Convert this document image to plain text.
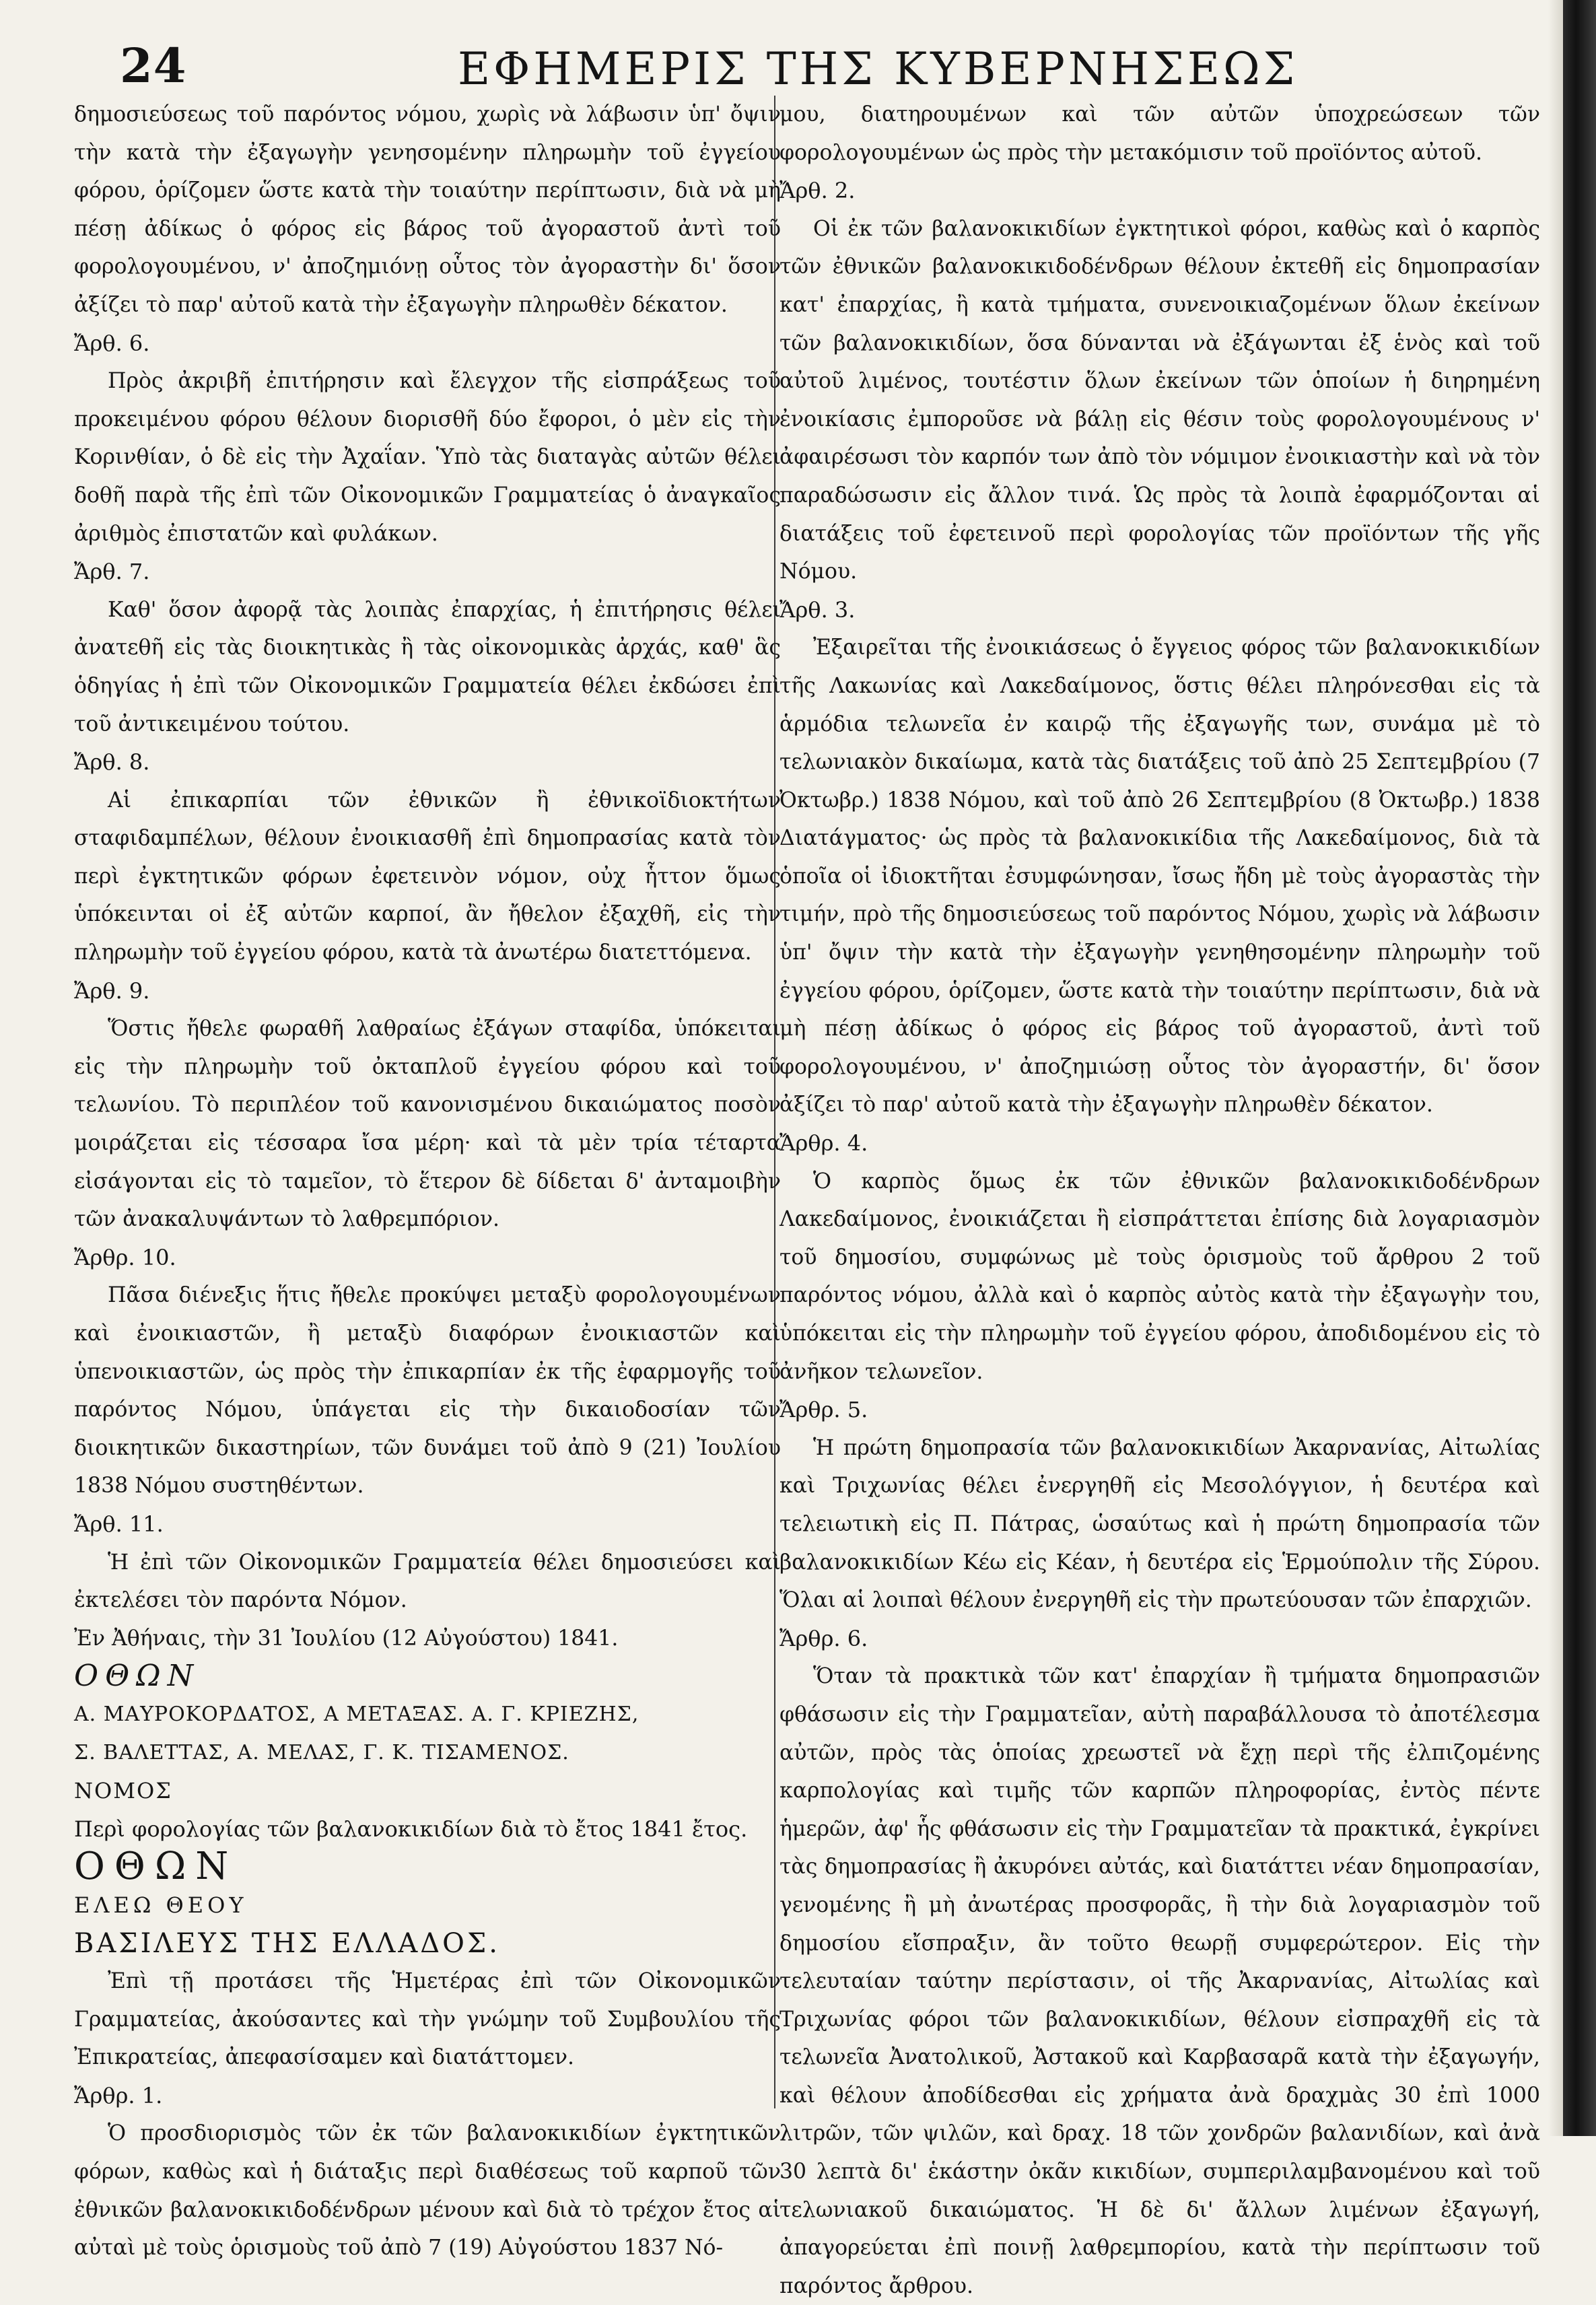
24	ΕΦΗΜΕΡΙΣ ΤΗΣ ΚΥΒΕΡΝΗΣΕΩΣ

δημοσιεύσεως τοῦ παρόντος νόμου, χωρὶς νὰ λάβωσιν ὑπ' ὄψιν τὴν κατὰ τὴν ἐξαγωγὴν γενησομένην πληρωμὴν τοῦ ἐγγείου φόρου, ὁρίζομεν ὥστε κατὰ τὴν τοιαύτην περίπτωσιν, διὰ νὰ μὴ πέσῃ ἀδίκως ὁ φόρος εἰς βάρος τοῦ ἀγοραστοῦ ἀντὶ τοῦ φορολογουμένου, ν' ἀποζημιόνῃ οὗτος τὸν ἀγοραστὴν δι' ὅσον ἀξίζει τὸ παρ' αὐτοῦ κατὰ τὴν ἐξαγωγὴν πληρωθὲν δέκατον.

Ἄρθ. 6.

Πρὸς ἀκριβῆ ἐπιτήρησιν καὶ ἔλεγχον τῆς εἰσπράξεως τοῦ προκειμένου φόρου θέλουν διορισθῆ δύο ἔφοροι, ὁ μὲν εἰς τὴν Κορινθίαν, ὁ δὲ εἰς τὴν Ἀχαΐαν. Ὑπὸ τὰς διαταγὰς αὐτῶν θέλει δοθῆ παρὰ τῆς ἐπὶ τῶν Οἰκονομικῶν Γραμματείας ὁ ἀναγκαῖος ἀριθμὸς ἐπιστατῶν καὶ φυλάκων.

Ἄρθ. 7.

Καθ' ὅσον ἀφορᾷ τὰς λοιπὰς ἐπαρχίας, ἡ ἐπιτήρησις θέλει ἀνατεθῆ εἰς τὰς διοικητικὰς ἢ τὰς οἰκονομικὰς ἀρχάς, καθ' ἃς ὁδηγίας ἡ ἐπὶ τῶν Οἰκονομικῶν Γραμματεία θέλει ἐκδώσει ἐπὶ τοῦ ἀντικειμένου τούτου.

Ἄρθ. 8.

Αἱ ἐπικαρπίαι τῶν ἐθνικῶν ἢ ἐθνικοϊδιοκτήτων σταφιδαμπέλων, θέλουν ἐνοικιασθῆ ἐπὶ δημοπρασίας κατὰ τὸν περὶ ἐγκτητικῶν φόρων ἐφετεινὸν νόμον, οὐχ ἧττον ὅμως ὑπόκεινται οἱ ἐξ αὐτῶν καρποί, ἂν ἤθελον ἐξαχθῆ, εἰς τὴν πληρωμὴν τοῦ ἐγγείου φόρου, κατὰ τὰ ἀνωτέρω διατεττόμενα.

Ἄρθ. 9.

Ὅστις ἤθελε φωραθῆ λαθραίως ἐξάγων σταφίδα, ὑπόκειται εἰς τὴν πληρωμὴν τοῦ ὀκταπλοῦ ἐγγείου φόρου καὶ τοῦ τελωνίου. Τὸ περιπλέον τοῦ κανονισμένου δικαιώματος ποσὸν μοιράζεται εἰς τέσσαρα ἴσα μέρη· καὶ τὰ μὲν τρία τέταρτα εἰσάγονται εἰς τὸ ταμεῖον, τὸ ἕτερον δὲ δίδεται δ' ἀνταμοιβὴν τῶν ἀνακαλυψάντων τὸ λαθρεμπόριον.

Ἄρθρ. 10.

Πᾶσα διένεξις ἥτις ἤθελε προκύψει μεταξὺ φορολογουμένων καὶ ἐνοικιαστῶν, ἢ μεταξὺ διαφόρων ἐνοικιαστῶν καὶ ὑπενοικιαστῶν, ὡς πρὸς τὴν ἐπικαρπίαν ἐκ τῆς ἐφαρμογῆς τοῦ παρόντος Νόμου, ὑπάγεται εἰς τὴν δικαιοδοσίαν τῶν διοικητικῶν δικαστηρίων, τῶν δυνάμει τοῦ ἀπὸ 9 (21) Ἰουλίου 1838 Νόμου συστηθέντων.

Ἄρθ. 11.

Ἡ ἐπὶ τῶν Οἰκονομικῶν Γραμματεία θέλει δημοσιεύσει καὶ ἐκτελέσει τὸν παρόντα Νόμον.

Ἐν Ἀθήναις, τὴν 31 Ἰουλίου (12 Αὐγούστου) 1841.

ΟΘΩΝ

Α. ΜΑΥΡΟΚΟΡΔΑΤΟΣ, Α ΜΕΤΑΞΑΣ. Α. Γ. ΚΡΙΕΖΗΣ,

Σ. ΒΑΛΕΤΤΑΣ, Α. ΜΕΛΑΣ, Γ. Κ. ΤΙΣΑΜΕΝΟΣ.

ΝΟΜΟΣ

Περὶ φορολογίας τῶν βαλανοκικιδίων διὰ τὸ ἔτος 1841 ἔτος.

ΟΘΩΝ

ΕΛΕΩ ΘΕΟΥ

ΒΑΣΙΛΕΥΣ ΤΗΣ ΕΛΛΑΔΟΣ.

Ἐπὶ τῇ προτάσει τῆς Ἡμετέρας ἐπὶ τῶν Οἰκονομικῶν Γραμματείας, ἀκούσαντες καὶ τὴν γνώμην τοῦ Συμβουλίου τῆς Ἐπικρατείας, ἀπεφασίσαμεν καὶ διατάττομεν.

Ἄρθρ. 1.

Ὁ προσδιορισμὸς τῶν ἐκ τῶν βαλανοκικιδίων ἐγκτητικῶν φόρων, καθὼς καὶ ἡ διάταξις περὶ διαθέσεως τοῦ καρποῦ τῶν ἐθνικῶν βαλανοκικιδοδένδρων μένουν καὶ διὰ τὸ τρέχον ἔτος αἱ αὐταὶ μὲ τοὺς ὁρισμοὺς τοῦ ἀπὸ 7 (19) Αὐγούστου 1837 Νό-

μου, διατηρουμένων καὶ τῶν αὐτῶν ὑποχρεώσεων τῶν φορολογουμένων ὡς πρὸς τὴν μετακόμισιν τοῦ προϊόντος αὐτοῦ.

Ἄρθ. 2.

Οἱ ἐκ τῶν βαλανοκικιδίων ἐγκτητικοὶ φόροι, καθὼς καὶ ὁ καρπὸς τῶν ἐθνικῶν βαλανοκικιδοδένδρων θέλουν ἐκτεθῆ εἰς δημοπρασίαν κατ' ἐπαρχίας, ἢ κατὰ τμήματα, συνενοικιαζομένων ὅλων ἐκείνων τῶν βαλανοκικιδίων, ὅσα δύνανται νὰ ἐξάγωνται ἐξ ἑνὸς καὶ τοῦ αὐτοῦ λιμένος, τουτέστιν ὅλων ἐκείνων τῶν ὁποίων ἡ διηρημένη ἐνοικίασις ἐμποροῦσε νὰ βάλῃ εἰς θέσιν τοὺς φορολογουμένους ν' ἀφαιρέσωσι τὸν καρπόν των ἀπὸ τὸν νόμιμον ἐνοικιαστὴν καὶ νὰ τὸν παραδώσωσιν εἰς ἄλλον τινά. Ὡς πρὸς τὰ λοιπὰ ἐφαρμόζονται αἱ διατάξεις τοῦ ἐφετεινοῦ περὶ φορολογίας τῶν προϊόντων τῆς γῆς Νόμου.

Ἄρθ. 3.

Ἐξαιρεῖται τῆς ἐνοικιάσεως ὁ ἔγγειος φόρος τῶν βαλανοκικιδίων τῆς Λακωνίας καὶ Λακεδαίμονος, ὅστις θέλει πληρόνεσθαι εἰς τὰ ἁρμόδια τελωνεῖα ἐν καιρῷ τῆς ἐξαγωγῆς των, συνάμα μὲ τὸ τελωνιακὸν δικαίωμα, κατὰ τὰς διατάξεις τοῦ ἀπὸ 25 Σεπτεμβρίου (7 Ὀκτωβρ.) 1838 Νόμου, καὶ τοῦ ἀπὸ 26 Σεπτεμβρίου (8 Ὀκτωβρ.) 1838 Διατάγματος· ὡς πρὸς τὰ βαλανοκικίδια τῆς Λακεδαίμονος, διὰ τὰ ὁποῖα οἱ ἰδιοκτῆται ἐσυμφώνησαν, ἴσως ἤδη μὲ τοὺς ἀγοραστὰς τὴν τιμήν, πρὸ τῆς δημοσιεύσεως τοῦ παρόντος Νόμου, χωρὶς νὰ λάβωσιν ὑπ' ὄψιν τὴν κατὰ τὴν ἐξαγωγὴν γενηθησομένην πληρωμὴν τοῦ ἐγγείου φόρου, ὁρίζομεν, ὥστε κατὰ τὴν τοιαύτην περίπτωσιν, διὰ νὰ μὴ πέσῃ ἀδίκως ὁ φόρος εἰς βάρος τοῦ ἀγοραστοῦ, ἀντὶ τοῦ φορολογουμένου, ν' ἀποζημιώσῃ οὗτος τὸν ἀγοραστήν, δι' ὅσον ἀξίζει τὸ παρ' αὐτοῦ κατὰ τὴν ἐξαγωγὴν πληρωθὲν δέκατον.

Ἄρθρ. 4.

Ὁ καρπὸς ὅμως ἐκ τῶν ἐθνικῶν βαλανοκικιδοδένδρων Λακεδαίμονος, ἐνοικιάζεται ἢ εἰσπράττεται ἐπίσης διὰ λογαριασμὸν τοῦ δημοσίου, συμφώνως μὲ τοὺς ὁρισμοὺς τοῦ ἄρθρου 2 τοῦ παρόντος νόμου, ἀλλὰ καὶ ὁ καρπὸς αὐτὸς κατὰ τὴν ἐξαγωγὴν του, ὑπόκειται εἰς τὴν πληρωμὴν τοῦ ἐγγείου φόρου, ἀποδιδομένου εἰς τὸ ἀνῆκον τελωνεῖον.

Ἄρθρ. 5.

Ἡ πρώτη δημοπρασία τῶν βαλανοκικιδίων Ἀκαρνανίας, Αἰτωλίας καὶ Τριχωνίας θέλει ἐνεργηθῆ εἰς Μεσολόγγιον, ἡ δευτέρα καὶ τελειωτικὴ εἰς Π. Πάτρας, ὡσαύτως καὶ ἡ πρώτη δημοπρασία τῶν βαλανοκικιδίων Κέω εἰς Κέαν, ἡ δευτέρα εἰς Ἑρμούπολιν τῆς Σύρου. Ὅλαι αἱ λοιπαὶ θέλουν ἐνεργηθῆ εἰς τὴν πρωτεύουσαν τῶν ἐπαρχιῶν.

Ἄρθρ. 6.

Ὅταν τὰ πρακτικὰ τῶν κατ' ἐπαρχίαν ἢ τμήματα δημοπρασιῶν φθάσωσιν εἰς τὴν Γραμματεῖαν, αὐτὴ παραβάλλουσα τὸ ἀποτέλεσμα αὐτῶν, πρὸς τὰς ὁποίας χρεωστεῖ νὰ ἔχῃ περὶ τῆς ἐλπιζομένης καρπολογίας καὶ τιμῆς τῶν καρπῶν πληροφορίας, ἐντὸς πέντε ἡμερῶν, ἀφ' ἧς φθάσωσιν εἰς τὴν Γραμματεῖαν τὰ πρακτικά, ἐγκρίνει τὰς δημοπρασίας ἢ ἀκυρόνει αὐτάς, καὶ διατάττει νέαν δημοπρασίαν, γενομένης ἢ μὴ ἀνωτέρας προσφορᾶς, ἢ τὴν διὰ λογαριασμὸν τοῦ δημοσίου εἴσπραξιν, ἂν τοῦτο θεωρῇ συμφερώτερον. Εἰς τὴν τελευταίαν ταύτην περίστασιν, οἱ τῆς Ἀκαρνανίας, Αἰτωλίας καὶ Τριχωνίας φόροι τῶν βαλανοκικιδίων, θέλουν εἰσπραχθῆ εἰς τὰ τελωνεῖα Ἀνατολικοῦ, Ἀστακοῦ καὶ Καρβασαρᾶ κατὰ τὴν ἐξαγωγήν, καὶ θέλουν ἀποδίδεσθαι εἰς χρήματα ἀνὰ δραχμὰς 30 ἐπὶ 1000 λιτρῶν, τῶν ψιλῶν, καὶ δραχ. 18 τῶν χονδρῶν βαλανιδίων, καὶ ἀνὰ 30 λεπτὰ δι' ἑκάστην ὀκᾶν κικιδίων, συμπεριλαμβανομένου καὶ τοῦ τελωνιακοῦ δικαιώματος. Ἡ δὲ δι' ἄλλων λιμένων ἐξαγωγή, ἀπαγορεύεται ἐπὶ ποινῇ λαθρεμπορίου, κατὰ τὴν περίπτωσιν τοῦ παρόντος ἄρθρου.
